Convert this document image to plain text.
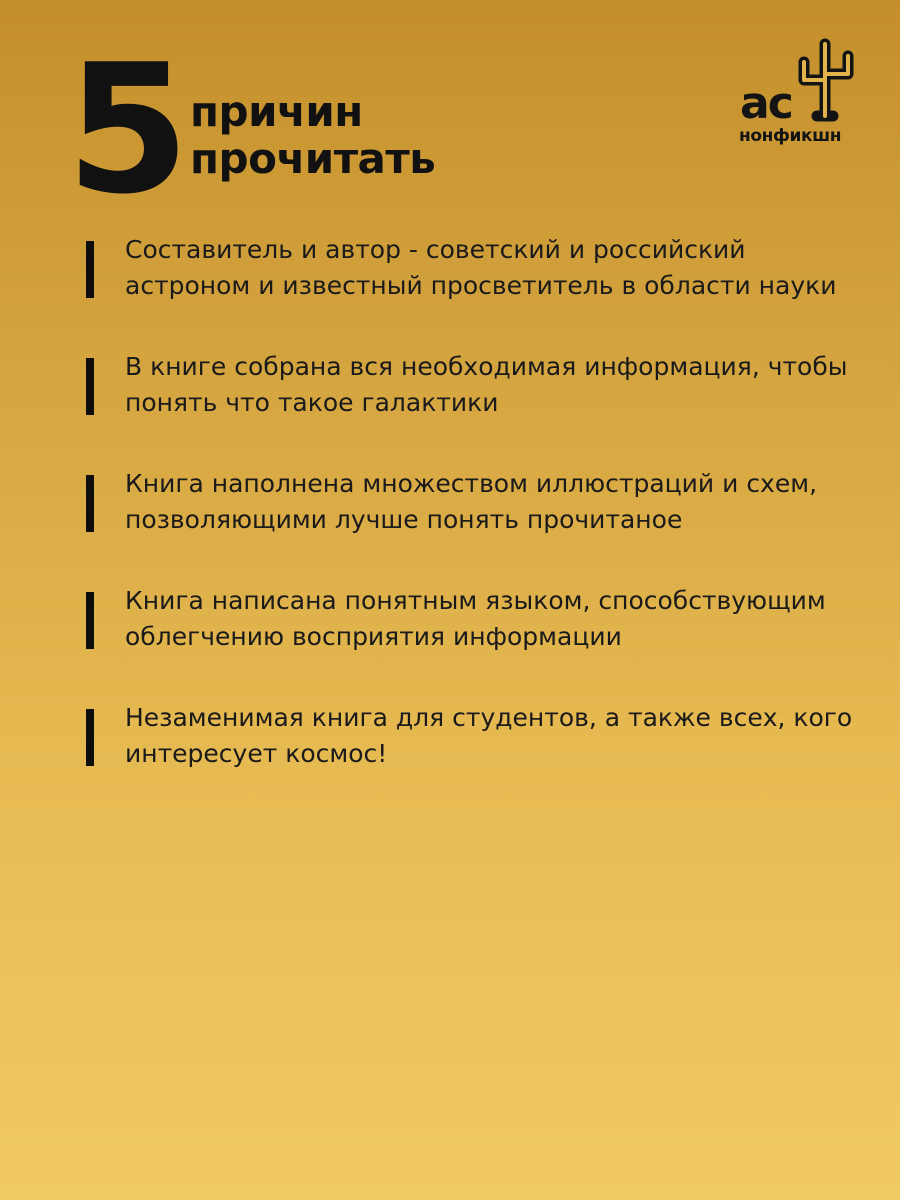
5 причин
прочитать
ас
нонфикшн
Составитель и автор - советский и российский астроном и известный просветитель в области науки
В книге собрана вся необходимая информация, чтобы понять что такое галактики
Книга наполнена множеством иллюстраций и схем, позволяющими лучше понять прочитаное
Книга написана понятным языком, способствующим облегчению восприятия информации
Незаменимая книга для студентов, а также всех, кого интересует космос!
